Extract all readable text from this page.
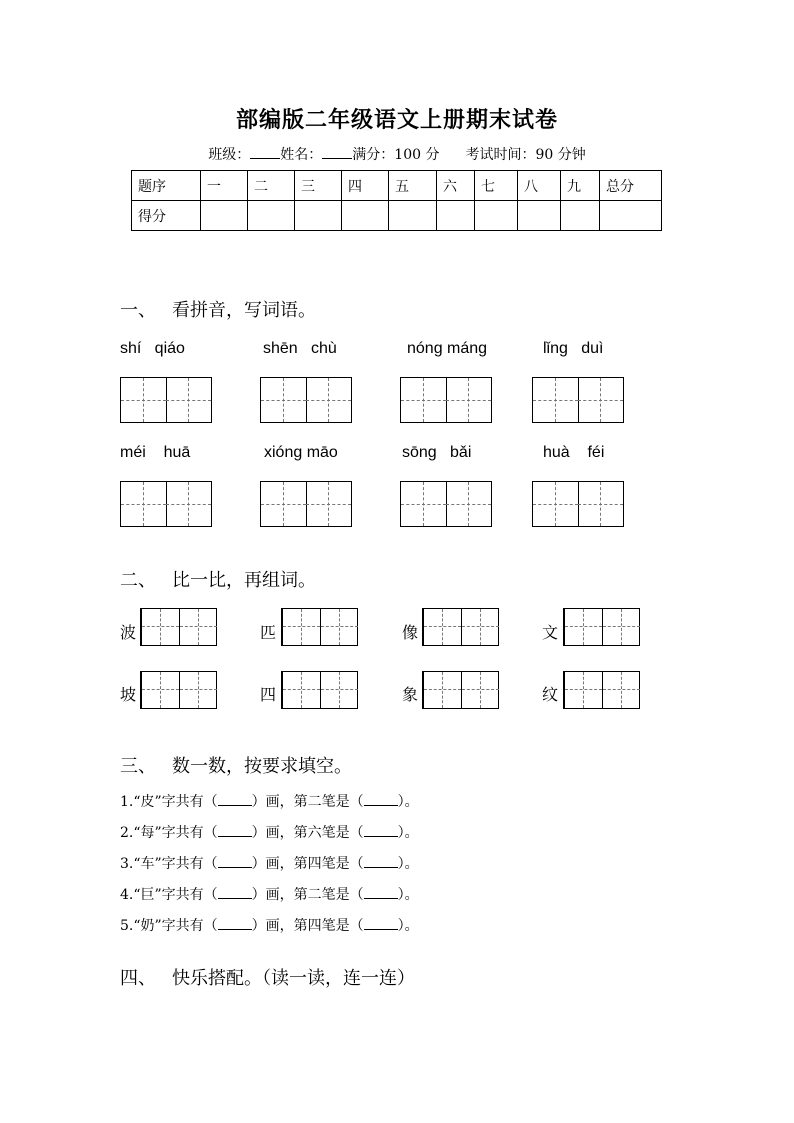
部编版二年级语文上册期末试卷
班级： 姓名： 满分：100 分 考试时间：90 分钟
题序	一	二	三	四	五	六	七	八	九	总分
得分										
一、 看拼音，写词语。
shí   qiáo	shēn   chù	nóng máng	lǐng   duì
méi    huā	xióng māo	sōng   bǎi	huà    féi
二、 比一比，再组词。
波	匹	像	文
坡	四	象	纹
三、 数一数，按要求填空。
1.“皮”字共有（ ）画，第二笔是（ ）。
2.“每”字共有（ ）画，第六笔是（ ）。
3.“车”字共有（ ）画，第四笔是（ ）。
4.“巨”字共有（ ）画，第二笔是（ ）。
5.“奶”字共有（ ）画，第四笔是（ ）。
四、 快乐搭配。（读一读，连一连）
